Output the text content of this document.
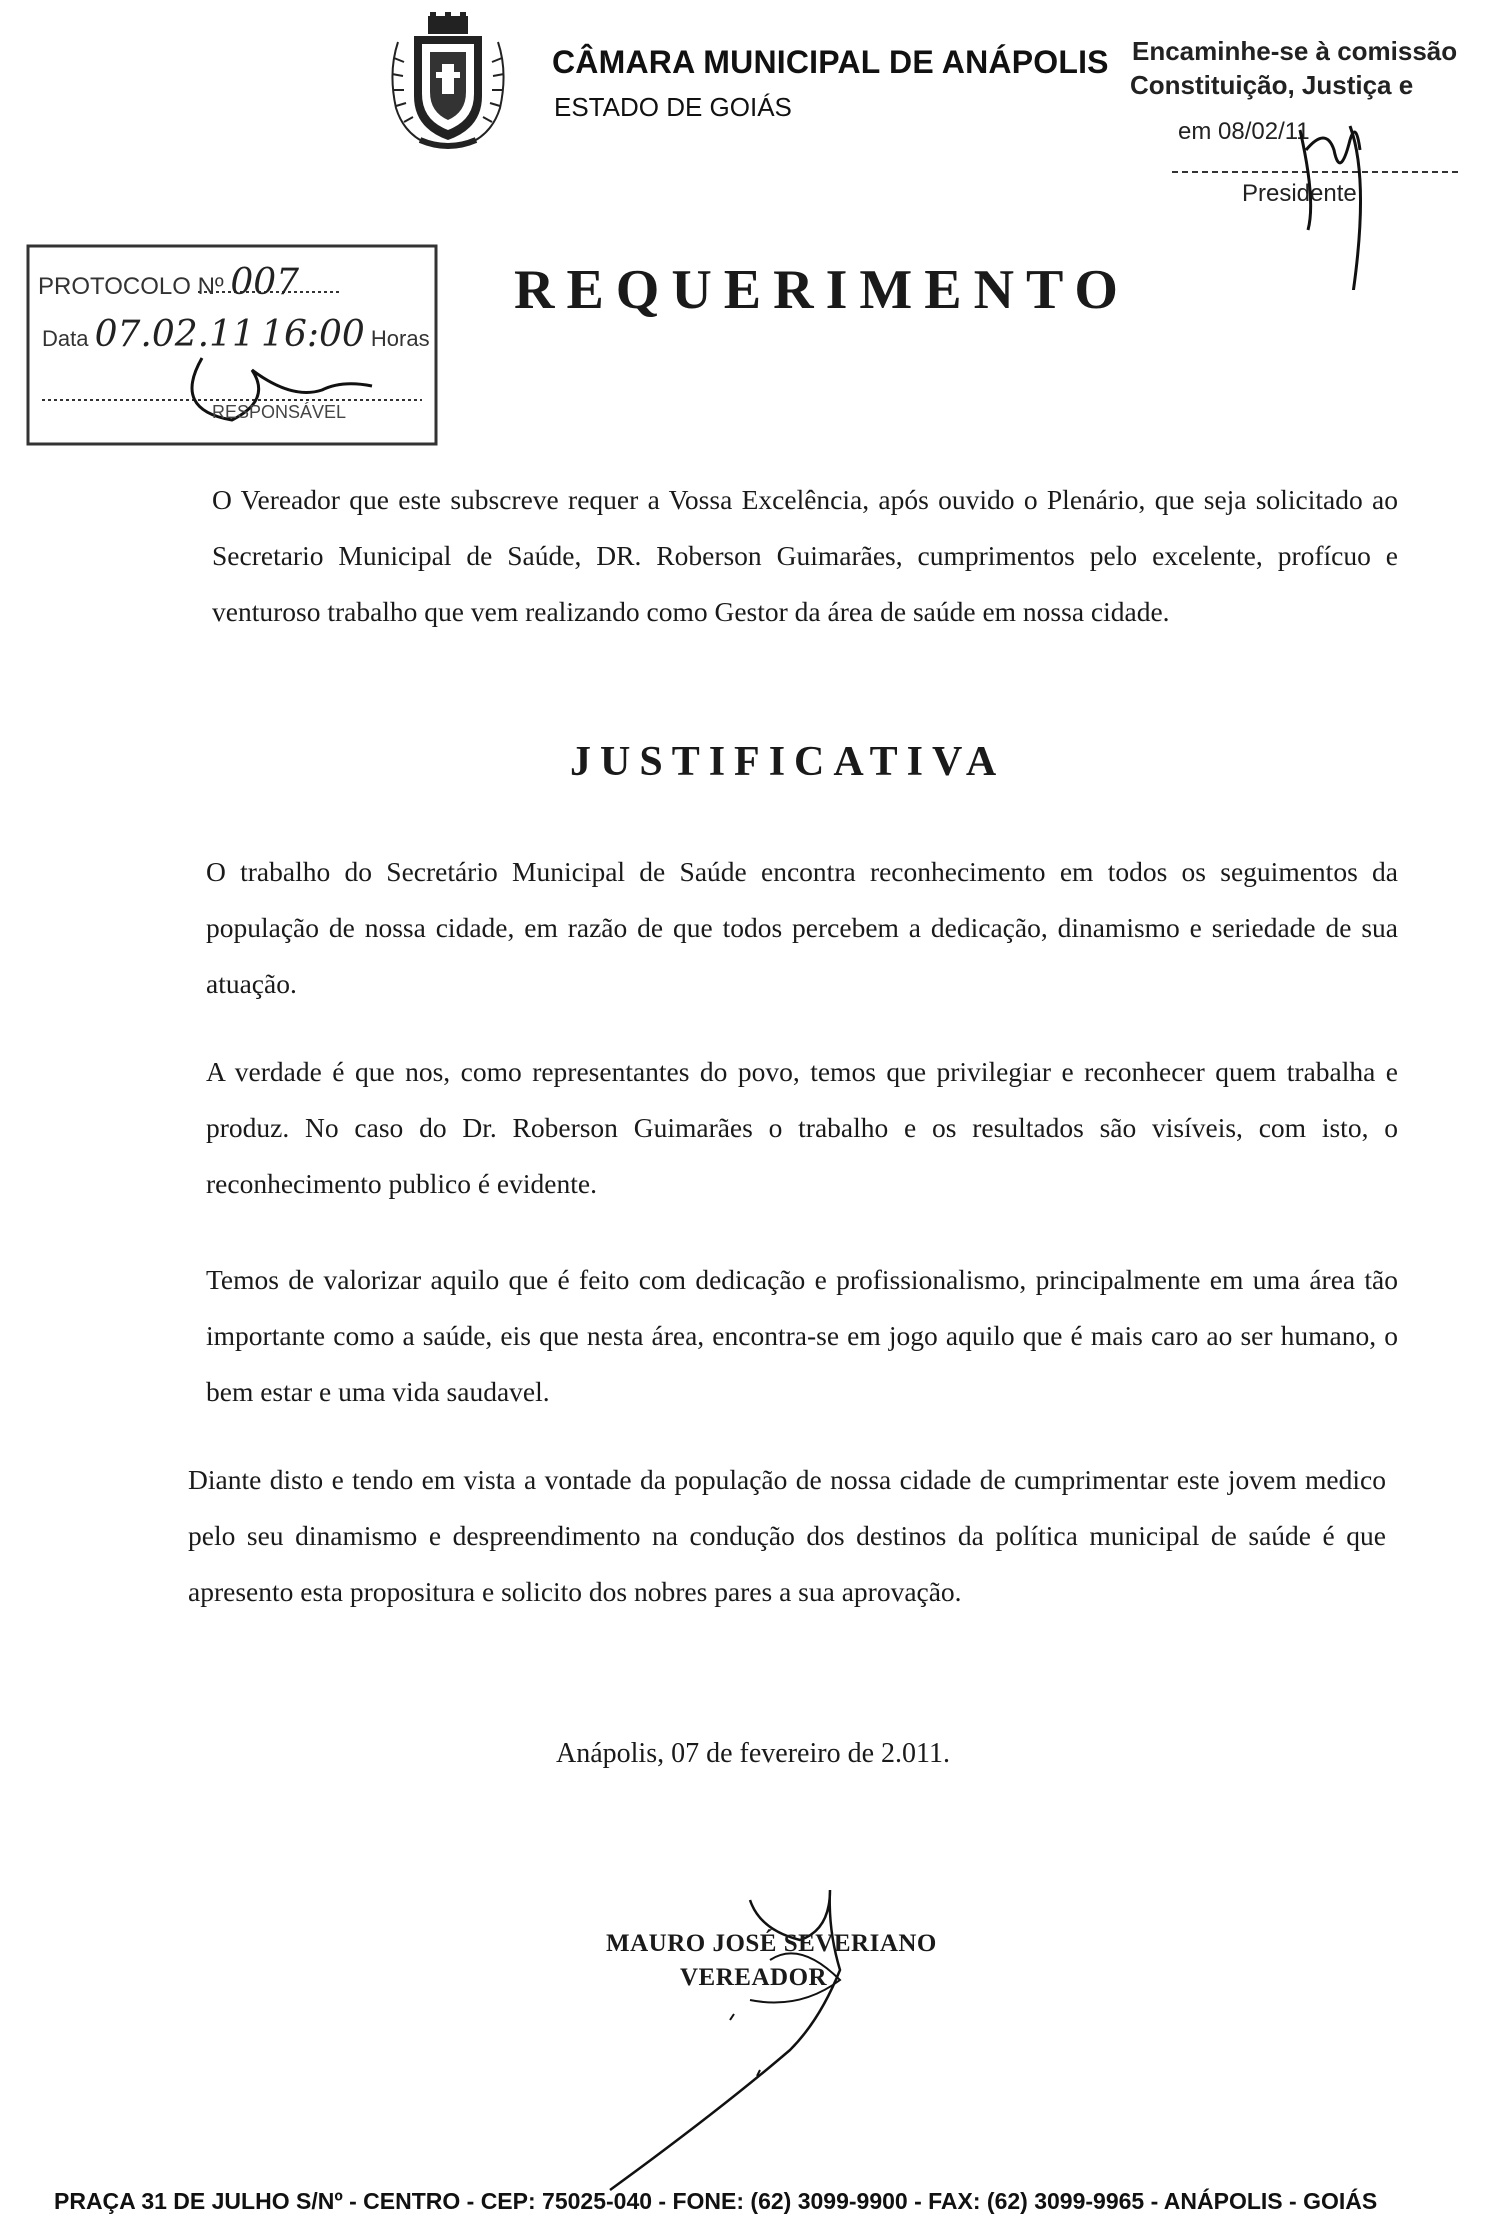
CÂMARA MUNICIPAL DE ANÁPOLIS
ESTADO DE GOIÁS
Encaminhe-se à comissão
Constituição, Justiça e
em 08/02/11
Presidente
PROTOCOLO Nº 007
Data 07.02.11 16:00 Horas
RESPONSÁVEL
REQUERIMENTO
O Vereador que este subscreve requer a Vossa Excelência, após ouvido o Plenário, que seja solicitado ao Secretario Municipal de Saúde, DR. Roberson Guimarães, cumprimentos pelo excelente, profícuo e venturoso trabalho que vem realizando como Gestor da área de saúde em nossa cidade.
JUSTIFICATIVA
O trabalho do Secretário Municipal de Saúde encontra reconhecimento em todos os seguimentos da população de nossa cidade, em razão de que todos percebem a dedicação, dinamismo e seriedade de sua atuação.
A verdade é que nos, como representantes do povo, temos que privilegiar e reconhecer quem trabalha e produz. No caso do Dr. Roberson Guimarães o trabalho e os resultados são visíveis, com isto, o reconhecimento publico é evidente.
Temos de valorizar aquilo que é feito com dedicação e profissionalismo, principalmente em uma área tão importante como a saúde, eis que nesta área, encontra-se em jogo aquilo que é mais caro ao ser humano, o bem estar e uma vida saudavel.
Diante disto e tendo em vista a vontade da população de nossa cidade de cumprimentar este jovem medico pelo seu dinamismo e despreendimento na condução dos destinos da política municipal de saúde é que apresento esta propositura e solicito dos nobres pares a sua aprovação.
Anápolis, 07 de fevereiro de 2.011.
MAURO JOSÉ SEVERIANO
VEREADOR
PRAÇA 31 DE JULHO S/Nº - CENTRO - CEP: 75025-040 - FONE: (62) 3099-9900 - FAX: (62) 3099-9965 - ANÁPOLIS - GOIÁS
